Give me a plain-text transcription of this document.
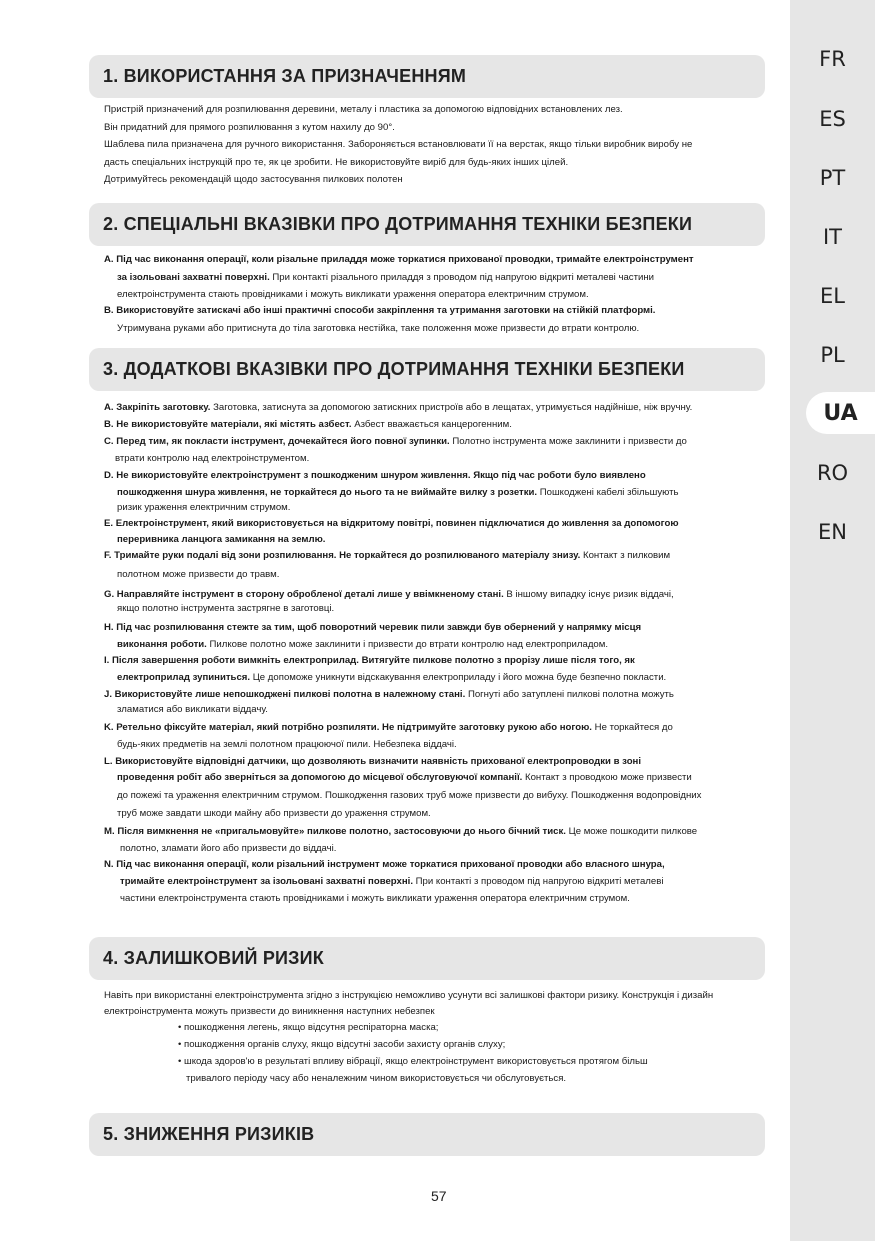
FR
ES
PT
IT
EL
PL
UA
RO
EN
1. ВИКОРИСТАННЯ ЗА ПРИЗНАЧЕННЯМ
Пристрій призначений для розпилювання деревини, металу і пластика за допомогою відповідних встановлених лез.
Він придатний для прямого розпилювання з кутом нахилу до 90°.
Шаблева пила призначена для ручного використання. Забороняється встановлювати її на верстак, якщо тільки виробник виробу не
дасть спеціальних інструкцій про те, як це зробити. Не використовуйте виріб для будь-яких інших цілей.
Дотримуйтесь рекомендацій щодо застосування пилкових полотен
2. СПЕЦІАЛЬНІ ВКАЗІВКИ ПРО ДОТРИМАННЯ ТЕХНІКИ БЕЗПЕКИ
A. Під час виконання операції, коли різальне приладдя може торкатися прихованої проводки, тримайте електроінструмент
за ізольовані захватні поверхні. При контакті різального приладдя з проводом під напругою відкриті металеві частини
електроінструмента стають провідниками і можуть викликати ураження оператора електричним струмом.
B. Використовуйте затискачі або інші практичні способи закріплення та утримання заготовки на стійкій платформі.
Утримувана руками або притиснута до тіла заготовка нестійка, таке положення може призвести до втрати контролю.
3. ДОДАТКОВІ ВКАЗІВКИ ПРО ДОТРИМАННЯ ТЕХНІКИ БЕЗПЕКИ
A. Закріпіть заготовку. Заготовка, затиснута за допомогою затискних пристроїв або в лещатах, утримується надійніше, ніж вручну.
B. Не використовуйте матеріали, які містять азбест. Азбест вважається канцерогенним.
C. Перед тим, як покласти інструмент, дочекайтеся його повної зупинки. Полотно інструмента може заклинити і призвести до
втрати контролю над електроінструментом.
D. Не використовуйте електроінструмент з пошкодженим шнуром живлення. Якщо під час роботи було виявлено
пошкодження шнура живлення, не торкайтеся до нього та не виймайте вилку з розетки. Пошкоджені кабелі збільшують
ризик ураження електричним струмом.
E. Електроінструмент, який використовується на відкритому повітрі, повинен підключатися до живлення за допомогою
переривника ланцюга замикання на землю.
F. Тримайте руки подалі від зони розпилювання. Не торкайтеся до розпилюваного матеріалу знизу. Контакт з пилковим
полотном може призвести до травм.
G. Направляйте інструмент в сторону обробленої деталі лише у ввімкненому стані. В іншому випадку існує ризик віддачі,
якщо полотно інструмента застрягне в заготовці.
H. Під час розпилювання стежте за тим, щоб поворотний черевик пили завжди був обернений у напрямку місця
виконання роботи. Пилкове полотно може заклинити і призвести до втрати контролю над електроприладом.
I. Після завершення роботи вимкніть електроприлад. Витягуйте пилкове полотно з прорізу лише після того, як
електроприлад зупиниться. Це допоможе уникнути відскакування електроприладу і його можна буде безпечно покласти.
J. Використовуйте лише непошкоджені пилкові полотна в належному стані. Погнуті або затуплені пилкові полотна можуть
зламатися або викликати віддачу.
K. Ретельно фіксуйте матеріал, який потрібно розпиляти. Не підтримуйте заготовку рукою або ногою. Не торкайтеся до
будь-яких предметів на землі полотном працюючої пили. Небезпека віддачі.
L. Використовуйте відповідні датчики, що дозволяють визначити наявність прихованої електропроводки в зоні
проведення робіт або зверніться за допомогою до місцевої обслуговуючої компанії. Контакт з проводкою може призвести
до пожежі та ураження електричним струмом. Пошкодження газових труб може призвести до вибуху. Пошкодження водопровідних
труб може завдати шкоди майну або призвести до ураження струмом.
M. Після вимкнення не «пригальмовуйте» пилкове полотно, застосовуючи до нього бічний тиск. Це може пошкодити пилкове
полотно, зламати його або призвести до віддачі.
N. Під час виконання операції, коли різальний інструмент може торкатися прихованої проводки або власного шнура,
тримайте електроінструмент за ізольовані захватні поверхні. При контакті з проводом під напругою відкриті металеві
частини електроінструмента стають провідниками і можуть викликати ураження оператора електричним струмом.
4. ЗАЛИШКОВИЙ РИЗИК
Навіть при використанні електроінструмента згідно з інструкцією неможливо усунути всі залишкові фактори ризику. Конструкція і дизайн
електроінструмента можуть призвести до виникнення наступних небезпек
• пошкодження легень, якщо відсутня респіраторна маска;
• пошкодження органів слуху, якщо відсутні засоби захисту органів слуху;
• шкода здоров'ю в результаті впливу вібрації, якщо електроінструмент використовується протягом більш
тривалого періоду часу або неналежним чином використовується чи обслуговується.
5. ЗНИЖЕННЯ РИЗИКІВ
57
